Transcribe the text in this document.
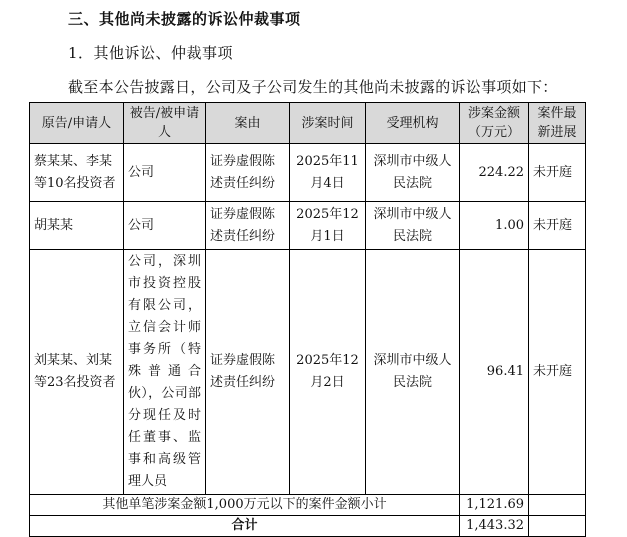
三、其他尚未披露的诉讼仲裁事项
1．其他诉讼、仲裁事项
截至本公告披露日，公司及子公司发生的其他尚未披露的诉讼事项如下：
原告/申请人	被告/被申请人	案由	涉案时间	受理机构	涉案金额（万元）	案件最新进展
蔡某某、李某等10名投资者	公司	证券虚假陈述责任纠纷	2025年11月4日	深圳市中级人民法院	224.22	未开庭
胡某某	公司	证券虚假陈述责任纠纷	2025年12月1日	深圳市中级人民法院	1.00	未开庭
刘某某、刘某等23名投资者	公司，深圳市投资控股有限公司，立信会计师事务所（特殊普通合伙），公司部分现任及时任董事、监事和高级管理人员	证券虚假陈述责任纠纷	2025年12月2日	深圳市中级人民法院	96.41	未开庭
其他单笔涉案金额1,000万元以下的案件金额小计					1,121.69	
合计					1,443.32	
